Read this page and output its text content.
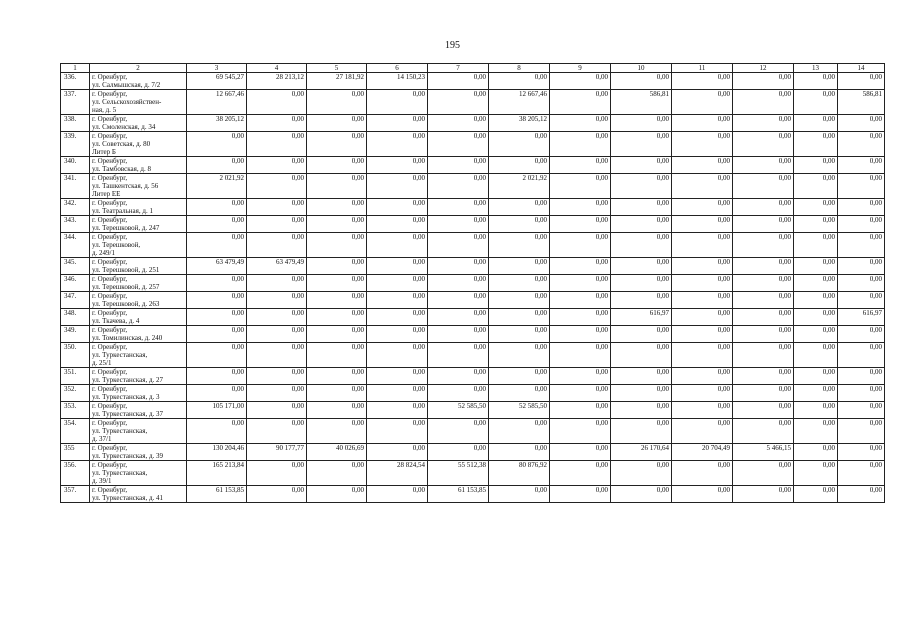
195
1	2	3	4	5	6	7	8	9	10	11	12	13	14
336.	г. Оренбург,
ул. Салмышская, д. 7/2	69 545,27	28 213,12	27 181,92	14 150,23	0,00	0,00	0,00	0,00	0,00	0,00	0,00	0,00
337.	г. Оренбург,
ул. Сельскохозяйствен-
ная, д. 5	12 667,46	0,00	0,00	0,00	0,00	12 667,46	0,00	586,81	0,00	0,00	0,00	586,81
338.	г. Оренбург,
ул. Смоленская, д. 34	38 205,12	0,00	0,00	0,00	0,00	38 205,12	0,00	0,00	0,00	0,00	0,00	0,00
339.	г. Оренбург,
ул. Советская, д. 80
Литер Б	0,00	0,00	0,00	0,00	0,00	0,00	0,00	0,00	0,00	0,00	0,00	0,00
340.	г. Оренбург,
ул. Тамбовская, д. 8	0,00	0,00	0,00	0,00	0,00	0,00	0,00	0,00	0,00	0,00	0,00	0,00
341.	г. Оренбург,
ул. Ташкентская, д. 56
Литер ЕЕ	2 021,92	0,00	0,00	0,00	0,00	2 021,92	0,00	0,00	0,00	0,00	0,00	0,00
342.	г. Оренбург,
ул. Театральная, д. 1	0,00	0,00	0,00	0,00	0,00	0,00	0,00	0,00	0,00	0,00	0,00	0,00
343.	г. Оренбург,
ул. Терешковой, д. 247	0,00	0,00	0,00	0,00	0,00	0,00	0,00	0,00	0,00	0,00	0,00	0,00
344.	г. Оренбург,
ул. Терешковой,
д. 249/1	0,00	0,00	0,00	0,00	0,00	0,00	0,00	0,00	0,00	0,00	0,00	0,00
345.	г. Оренбург,
ул. Терешковой, д. 251	63 479,49	63 479,49	0,00	0,00	0,00	0,00	0,00	0,00	0,00	0,00	0,00	0,00
346.	г. Оренбург,
ул. Терешковой, д. 257	0,00	0,00	0,00	0,00	0,00	0,00	0,00	0,00	0,00	0,00	0,00	0,00
347.	г. Оренбург,
ул. Терешковой, д. 263	0,00	0,00	0,00	0,00	0,00	0,00	0,00	0,00	0,00	0,00	0,00	0,00
348.	г. Оренбург,
ул. Ткачева, д. 4	0,00	0,00	0,00	0,00	0,00	0,00	0,00	616,97	0,00	0,00	0,00	616,97
349.	г. Оренбург,
ул. Томилинская, д. 240	0,00	0,00	0,00	0,00	0,00	0,00	0,00	0,00	0,00	0,00	0,00	0,00
350.	г. Оренбург,
ул. Туркестанская,
д. 25/1	0,00	0,00	0,00	0,00	0,00	0,00	0,00	0,00	0,00	0,00	0,00	0,00
351.	г. Оренбург,
ул. Туркестанская, д. 27	0,00	0,00	0,00	0,00	0,00	0,00	0,00	0,00	0,00	0,00	0,00	0,00
352.	г. Оренбург,
ул. Туркестанская, д. 3	0,00	0,00	0,00	0,00	0,00	0,00	0,00	0,00	0,00	0,00	0,00	0,00
353.	г. Оренбург,
ул. Туркестанская, д. 37	105 171,00	0,00	0,00	0,00	52 585,50	52 585,50	0,00	0,00	0,00	0,00	0,00	0,00
354.	г. Оренбург,
ул. Туркестанская,
д. 37/1	0,00	0,00	0,00	0,00	0,00	0,00	0,00	0,00	0,00	0,00	0,00	0,00
355	г. Оренбург,
ул. Туркестанская, д. 39	130 204,46	90 177,77	40 026,69	0,00	0,00	0,00	0,00	26 170,64	20 704,49	5 466,15	0,00	0,00
356.	г. Оренбург,
ул. Туркестанская,
д. 39/1	165 213,84	0,00	0,00	28 824,54	55 512,38	80 876,92	0,00	0,00	0,00	0,00	0,00	0,00
357.	г. Оренбург,
ул. Туркестанская, д. 41	61 153,85	0,00	0,00	0,00	61 153,85	0,00	0,00	0,00	0,00	0,00	0,00	0,00
